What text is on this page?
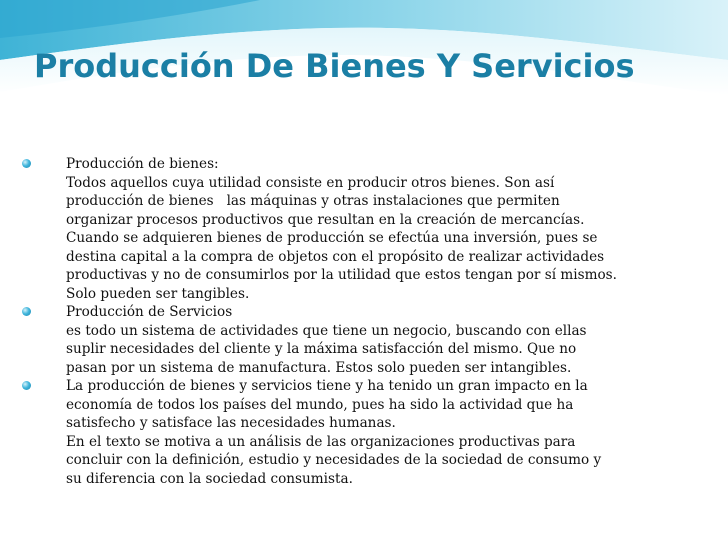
Producción De Bienes Y Servicios
Producción de bienes:
Todos aquellos cuya utilidad consiste en producir otros bienes. Son así
producción de bienes   las máquinas y otras instalaciones que permiten
organizar procesos productivos que resultan en la creación de mercancías.
Cuando se adquieren bienes de producción se efectúa una inversión, pues se
destina capital a la compra de objetos con el propósito de realizar actividades
productivas y no de consumirlos por la utilidad que estos tengan por sí mismos.
Solo pueden ser tangibles.
Producción de Servicios
es todo un sistema de actividades que tiene un negocio, buscando con ellas
suplir necesidades del cliente y la máxima satisfacción del mismo. Que no
pasan por un sistema de manufactura. Estos solo pueden ser intangibles.
La producción de bienes y servicios tiene y ha tenido un gran impacto en la
economía de todos los países del mundo, pues ha sido la actividad que ha
satisfecho y satisface las necesidades humanas.
En el texto se motiva a un análisis de las organizaciones productivas para
concluir con la definición, estudio y necesidades de la sociedad de consumo y
su diferencia con la sociedad consumista.
